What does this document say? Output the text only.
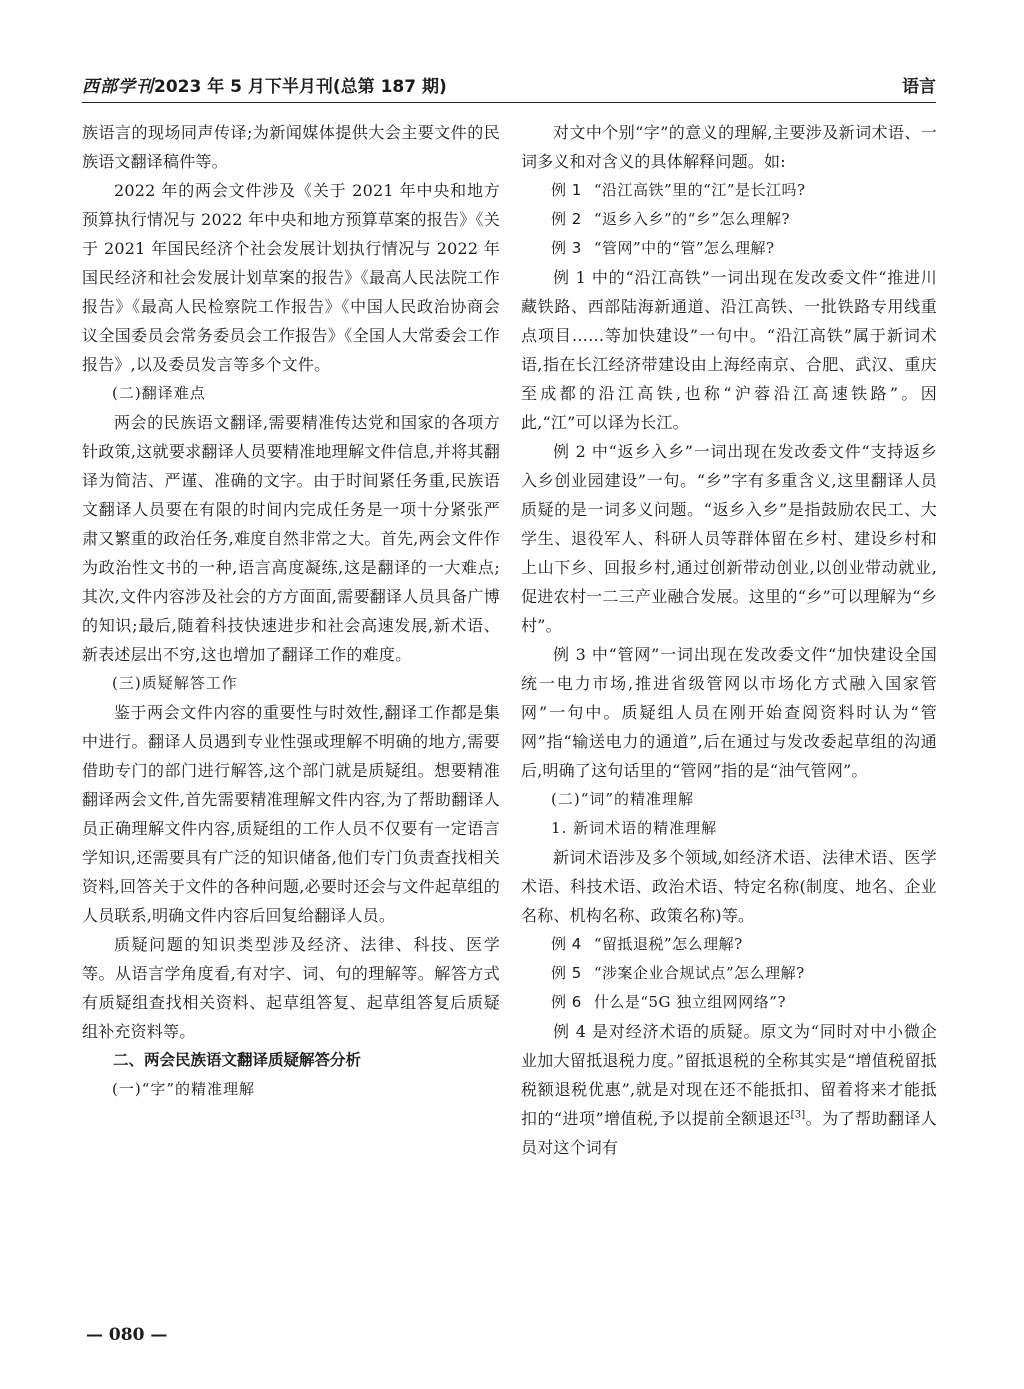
西部学刊2023 年 5 月下半月刊(总第 187 期)	语言

族语言的现场同声传译;为新闻媒体提供大会主要文件的民族语文翻译稿件等。

2022 年的两会文件涉及《关于 2021 年中央和地方预算执行情况与 2022 年中央和地方预算草案的报告》《关于 2021 年国民经济个社会发展计划执行情况与 2022 年国民经济和社会发展计划草案的报告》《最高人民法院工作报告》《最高人民检察院工作报告》《中国人民政治协商会议全国委员会常务委员会工作报告》《全国人大常委会工作报告》,以及委员发言等多个文件。

(二)翻译难点

两会的民族语文翻译,需要精准传达党和国家的各项方针政策,这就要求翻译人员要精准地理解文件信息,并将其翻译为简洁、严谨、准确的文字。由于时间紧任务重,民族语文翻译人员要在有限的时间内完成任务是一项十分紧张严肃又繁重的政治任务,难度自然非常之大。首先,两会文件作为政治性文书的一种,语言高度凝练,这是翻译的一大难点;其次,文件内容涉及社会的方方面面,需要翻译人员具备广博的知识;最后,随着科技快速进步和社会高速发展,新术语、新表述层出不穷,这也增加了翻译工作的难度。

(三)质疑解答工作

鉴于两会文件内容的重要性与时效性,翻译工作都是集中进行。翻译人员遇到专业性强或理解不明确的地方,需要借助专门的部门进行解答,这个部门就是质疑组。想要精准翻译两会文件,首先需要精准理解文件内容,为了帮助翻译人员正确理解文件内容,质疑组的工作人员不仅要有一定语言学知识,还需要具有广泛的知识储备,他们专门负责查找相关资料,回答关于文件的各种问题,必要时还会与文件起草组的人员联系,明确文件内容后回复给翻译人员。

质疑问题的知识类型涉及经济、法律、科技、医学等。从语言学角度看,有对字、词、句的理解等。解答方式有质疑组查找相关资料、起草组答复、起草组答复后质疑组补充资料等。

二、两会民族语文翻译质疑解答分析

(一)“字”的精准理解

对文中个别“字”的意义的理解,主要涉及新词术语、一词多义和对含义的具体解释问题。如:

例 1 “沿江高铁”里的“江”是长江吗?

例 2 “返乡入乡”的“乡”怎么理解?

例 3 “管网”中的“管”怎么理解?

例 1 中的“沿江高铁”一词出现在发改委文件“推进川藏铁路、西部陆海新通道、沿江高铁、一批铁路专用线重点项目……等加快建设”一句中。“沿江高铁”属于新词术语,指在长江经济带建设由上海经南京、合肥、武汉、重庆至成都的沿江高铁,也称“沪蓉沿江高速铁路”。因此,“江”可以译为长江。

例 2 中“返乡入乡”一词出现在发改委文件“支持返乡入乡创业园建设”一句。“乡”字有多重含义,这里翻译人员质疑的是一词多义问题。“返乡入乡”是指鼓励农民工、大学生、退役军人、科研人员等群体留在乡村、建设乡村和上山下乡、回报乡村,通过创新带动创业,以创业带动就业,促进农村一二三产业融合发展。这里的“乡”可以理解为“乡村”。

例 3 中“管网”一词出现在发改委文件“加快建设全国统一电力市场,推进省级管网以市场化方式融入国家管网”一句中。质疑组人员在刚开始查阅资料时认为“管网”指“输送电力的通道”,后在通过与发改委起草组的沟通后,明确了这句话里的“管网”指的是“油气管网”。

(二)“词”的精准理解

1. 新词术语的精准理解

新词术语涉及多个领域,如经济术语、法律术语、医学术语、科技术语、政治术语、特定名称(制度、地名、企业名称、机构名称、政策名称)等。

例 4 “留抵退税”怎么理解?

例 5 “涉案企业合规试点”怎么理解?

例 6 什么是“5G 独立组网网络”?

例 4 是对经济术语的质疑。原文为“同时对中小微企业加大留抵退税力度。”留抵退税的全称其实是“增值税留抵税额退税优惠”,就是对现在还不能抵扣、留着将来才能抵扣的“进项”增值税,予以提前全额退还[3]。为了帮助翻译人员对这个词有

— 080 —
